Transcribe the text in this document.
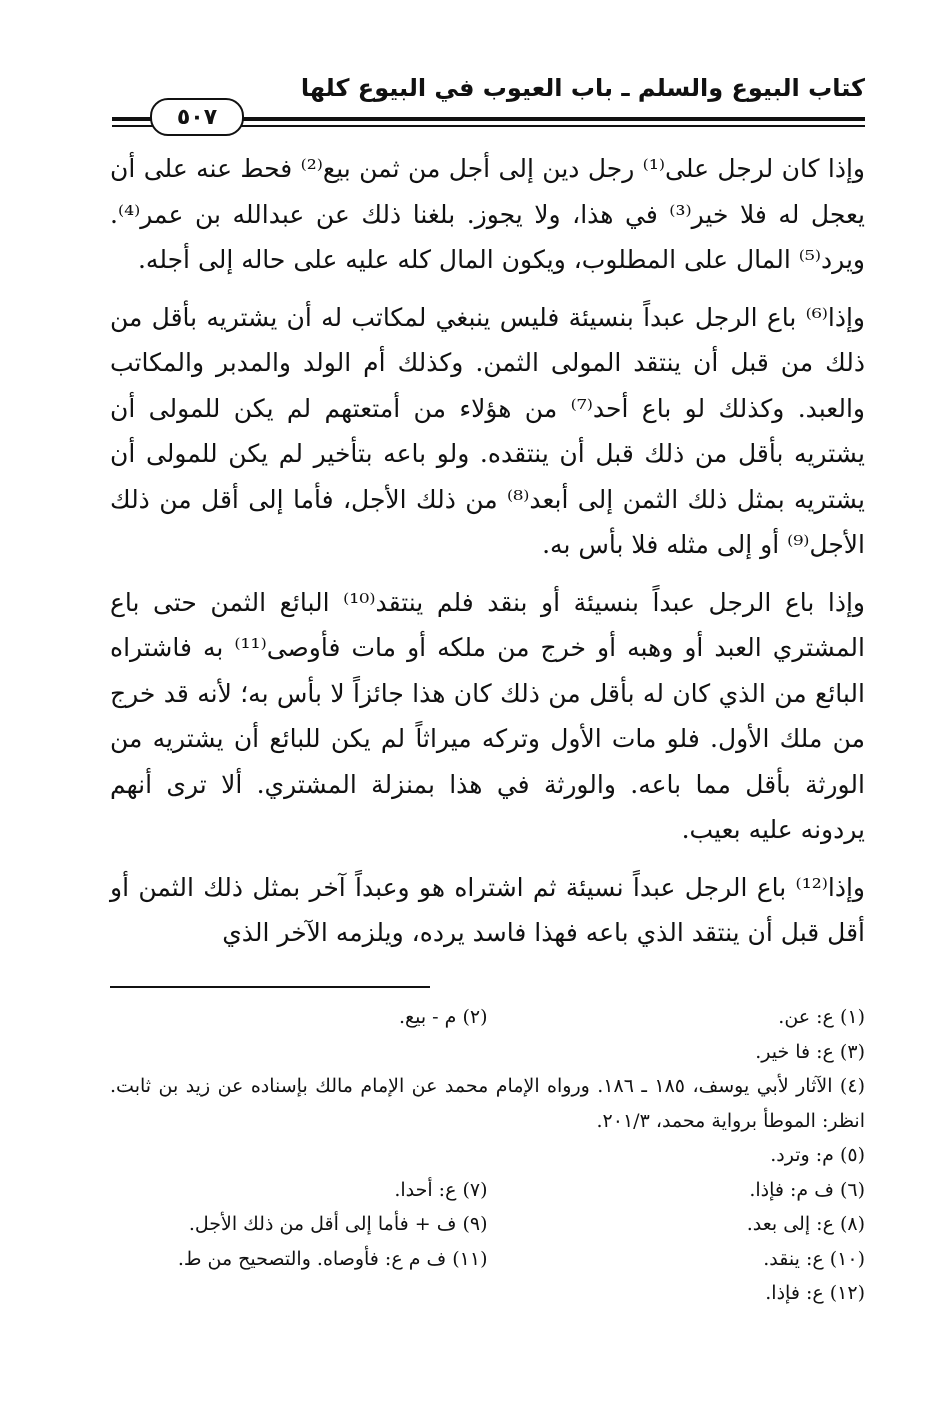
كتاب البيوع والسلم ـ باب العيوب في البيوع كلها
٥٠٧

وإذا كان لرجل على⁽¹⁾ رجل دين إلى أجل من ثمن بيع⁽²⁾ فحط عنه على أن يعجل له فلا خير⁽³⁾ في هذا، ولا يجوز. بلغنا ذلك عن عبدالله بن عمر⁽⁴⁾. ويرد⁽⁵⁾ المال على المطلوب، ويكون المال كله عليه على حاله إلى أجله.

وإذا⁽⁶⁾ باع الرجل عبداً بنسيئة فليس ينبغي لمكاتب له أن يشتريه بأقل من ذلك من قبل أن ينتقد المولى الثمن. وكذلك أم الولد والمدبر والمكاتب والعبد. وكذلك لو باع أحد⁽⁷⁾ من هؤلاء من أمتعتهم لم يكن للمولى أن يشتريه بأقل من ذلك قبل أن ينتقده. ولو باعه بتأخير لم يكن للمولى أن يشتريه بمثل ذلك الثمن إلى أبعد⁽⁸⁾ من ذلك الأجل، فأما إلى أقل من ذلك الأجل⁽⁹⁾ أو إلى مثله فلا بأس به.

وإذا باع الرجل عبداً بنسيئة أو بنقد فلم ينتقد⁽¹⁰⁾ البائع الثمن حتى باع المشتري العبد أو وهبه أو خرج من ملكه أو مات فأوصى⁽¹¹⁾ به فاشتراه البائع من الذي كان له بأقل من ذلك كان هذا جائزاً لا بأس به؛ لأنه قد خرج من ملك الأول. فلو مات الأول وتركه ميراثاً لم يكن للبائع أن يشتريه من الورثة بأقل مما باعه. والورثة في هذا بمنزلة المشتري. ألا ترى أنهم يردونه عليه بعيب.

وإذا⁽¹²⁾ باع الرجل عبداً نسيئة ثم اشتراه هو وعبداً آخر بمثل ذلك الثمن أو أقل قبل أن ينتقد الذي باعه فهذا فاسد يرده، ويلزمه الآخر الذي

(١) ع: عن.
(٢) م - بيع.
(٣) ع: فا خير.
(٤) الآثار لأبي يوسف، ١٨٥ ـ ١٨٦. ورواه الإمام محمد عن الإمام مالك بإسناده عن زيد بن ثابت. انظر: الموطأ برواية محمد، ٢٠١/٣.
(٥) م: وترد.
(٦) ف م: فإذا.
(٧) ع: أحدا.
(٨) ع: إلى بعد.
(٩) ف + فأما إلى أقل من ذلك الأجل.
(١٠) ع: ينقد.
(١١) ف م ع: فأوصاه. والتصحيح من ط.
(١٢) ع: فإذا.
